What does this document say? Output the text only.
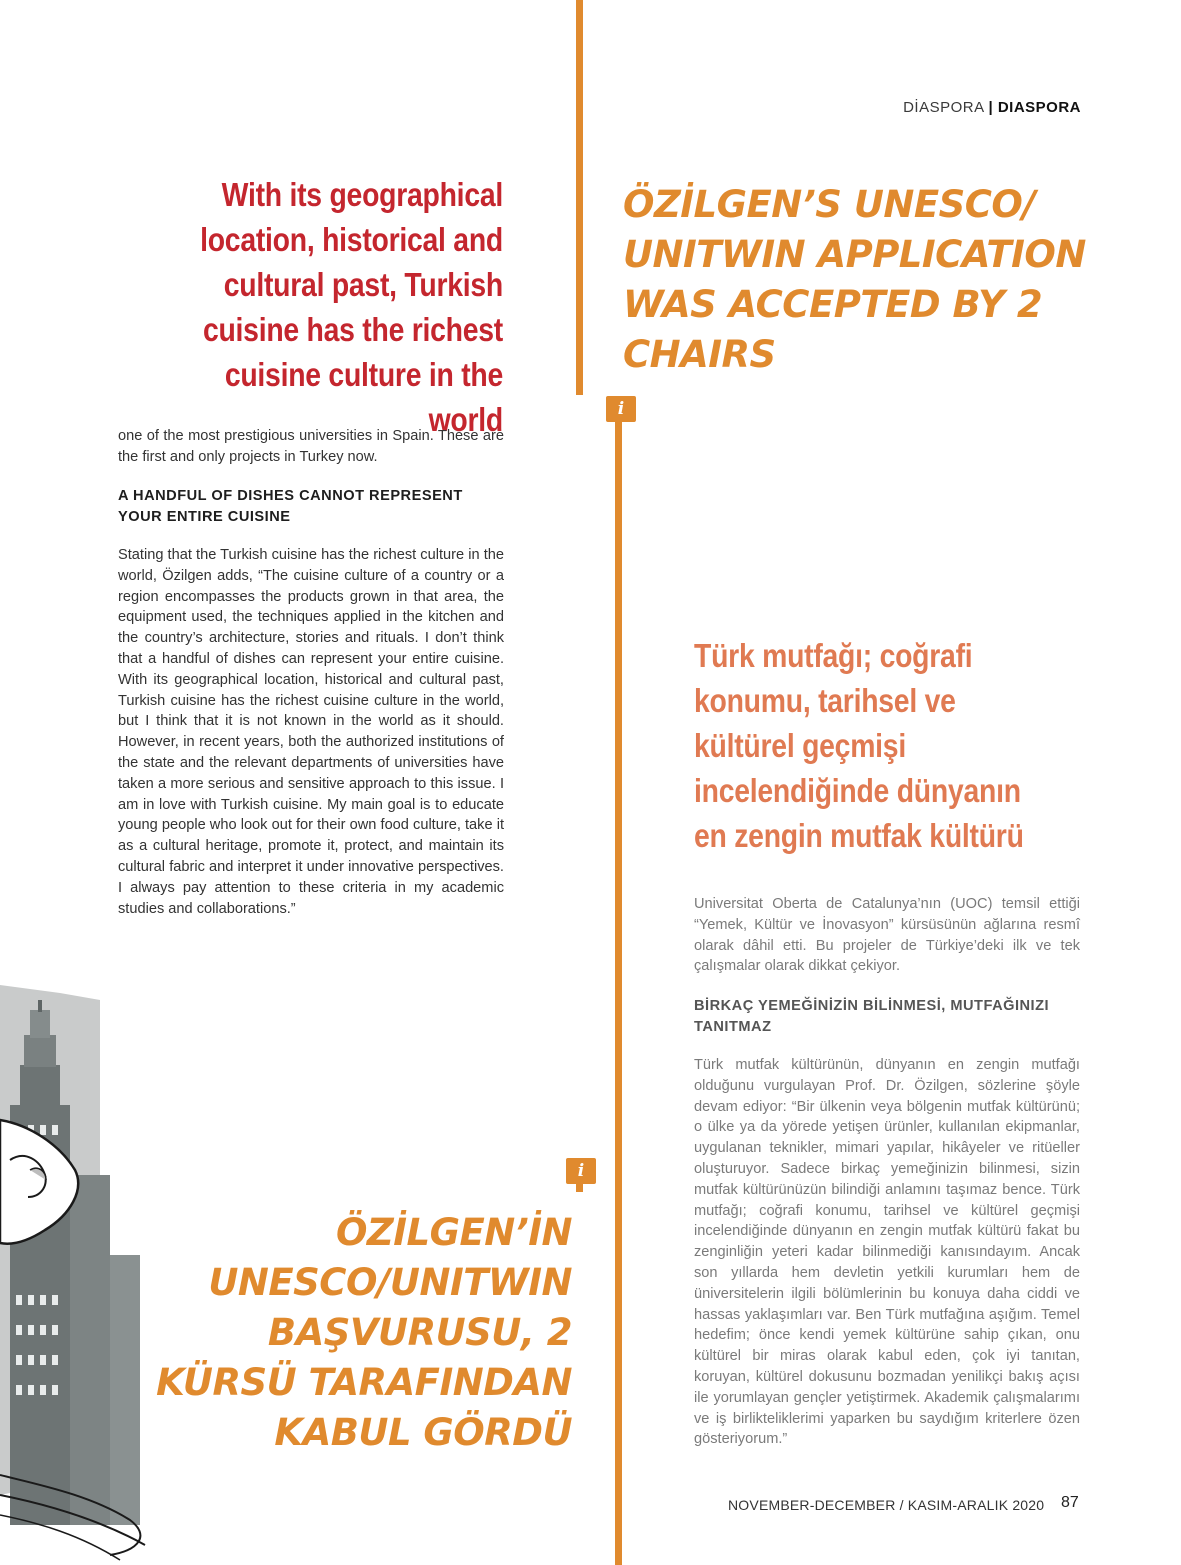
DİASPORA | DIASPORA
i
i
With its geographical location, historical and cultural past, Turkish cuisine has the richest cuisine culture in the world
ÖZİLGEN’S UNESCO/ UNITWIN APPLICATION WAS ACCEPTED BY 2 CHAIRS
one of the most prestigious universities in Spain. These are the first and only projects in Turkey now.
A HANDFUL OF DISHES CANNOT REPRESENT YOUR ENTIRE CUISINE
Stating that the Turkish cuisine has the richest culture in the world, Özilgen adds, “The cuisine culture of a country or a region encompasses the products grown in that area, the equipment used, the techniques applied in the kitchen and the country’s architecture, stories and rituals. I don’t think that a handful of dishes can represent your entire cuisine. With its geographical location, historical and cultural past, Turkish cuisine has the richest cuisine culture in the world, but I think that it is not known in the world as it should. However, in recent years, both the authorized institutions of the state and the relevant departments of universities have taken a more serious and sensitive approach to this issue. I am in love with Turkish cuisine. My main goal is to educate young people who look out for their own food culture, take it as a cultural heritage, promote it, protect, and maintain its cultural fabric and interpret it under innovative perspectives. I always pay attention to these criteria in my academic studies and collaborations.”
Türk mutfağı; coğrafi konumu, tarihsel ve kültürel geçmişi incelendiğinde dünyanın en zengin mutfak kültürü
Universitat Oberta de Catalunya’nın (UOC) temsil ettiği “Yemek, Kültür ve İnovasyon” kürsüsünün ağlarına resmî olarak dâhil etti. Bu projeler de Türkiye’deki ilk ve tek çalışmalar olarak dikkat çekiyor.
BİRKAÇ YEMEĞİNİZİN BİLİNMESİ, MUTFAĞINIZI TANITMAZ
Türk mutfak kültürünün, dünyanın en zengin mutfağı olduğunu vurgulayan Prof. Dr. Özilgen, sözlerine şöyle devam ediyor: “Bir ülkenin veya bölgenin mutfak kültürünü; o ülke ya da yörede yetişen ürünler, kullanılan ekipmanlar, uygulanan teknikler, mimari yapılar, hikâyeler ve ritüeller oluşturuyor. Sadece birkaç yemeğinizin bilinmesi, sizin mutfak kültürünüzün bilindiği anlamını taşımaz bence. Türk mutfağı; coğrafi konumu, tarihsel ve kültürel geçmişi incelendiğinde dünyanın en zengin mutfak kültürü fakat bu zenginliğin yeteri kadar bilinmediği kanısındayım. Ancak son yıllarda hem devletin yetkili kurumları hem de üniversitelerin ilgili bölümlerinin bu konuya daha ciddi ve hassas yaklaşımları var. Ben Türk mutfağına aşığım. Temel hedefim; önce kendi yemek kültürüne sahip çıkan, onu kültürel bir miras olarak kabul eden, çok iyi tanıtan, koruyan, kültürel dokusunu bozmadan yenilikçi bakış açısı ile yorumlayan gençler yetiştirmek. Akademik çalışmalarımı ve iş birlikteliklerimi yaparken bu saydığım kriterlere özen gösteriyorum.”
ÖZİLGEN’İN UNESCO/UNITWIN BAŞVURUSU, 2 KÜRSÜ TARAFINDAN KABUL GÖRDÜ
NOVEMBER-DECEMBER / KASIM-ARALIK 2020 87
